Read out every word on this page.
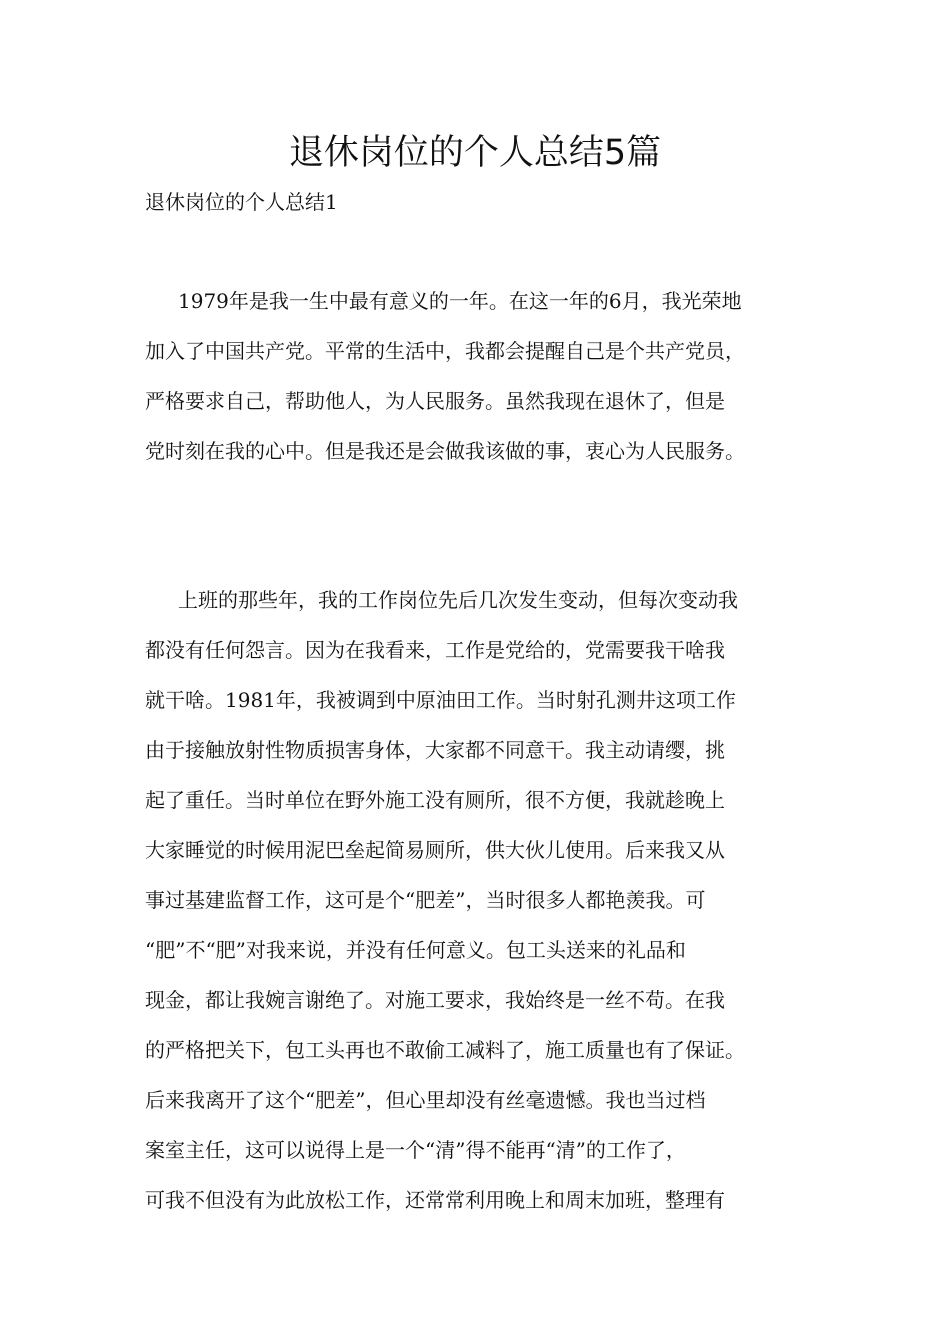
退休岗位的个人总结5篇

退休岗位的个人总结1

1979年是我一生中最有意义的一年。在这一年的6月，我光荣地
加入了中国共产党。平常的生活中，我都会提醒自己是个共产党员，
严格要求自己，帮助他人，为人民服务。虽然我现在退休了，但是
党时刻在我的心中。但是我还是会做我该做的事，衷心为人民服务。
上班的那些年，我的工作岗位先后几次发生变动，但每次变动我
都没有任何怨言。因为在我看来，工作是党给的，党需要我干啥我
就干啥。1981年，我被调到中原油田工作。当时射孔测井这项工作
由于接触放射性物质损害身体，大家都不同意干。我主动请缨，挑
起了重任。当时单位在野外施工没有厕所，很不方便，我就趁晚上
大家睡觉的时候用泥巴垒起简易厕所，供大伙儿使用。后来我又从
事过基建监督工作，这可是个“肥差”，当时很多人都艳羡我。可
“肥”不“肥”对我来说，并没有任何意义。包工头送来的礼品和
现金，都让我婉言谢绝了。对施工要求，我始终是一丝不苟。在我
的严格把关下，包工头再也不敢偷工减料了，施工质量也有了保证。
后来我离开了这个“肥差”，但心里却没有丝毫遗憾。我也当过档
案室主任，这可以说得上是一个“清”得不能再“清”的工作了，
可我不但没有为此放松工作，还常常利用晚上和周末加班，整理有
